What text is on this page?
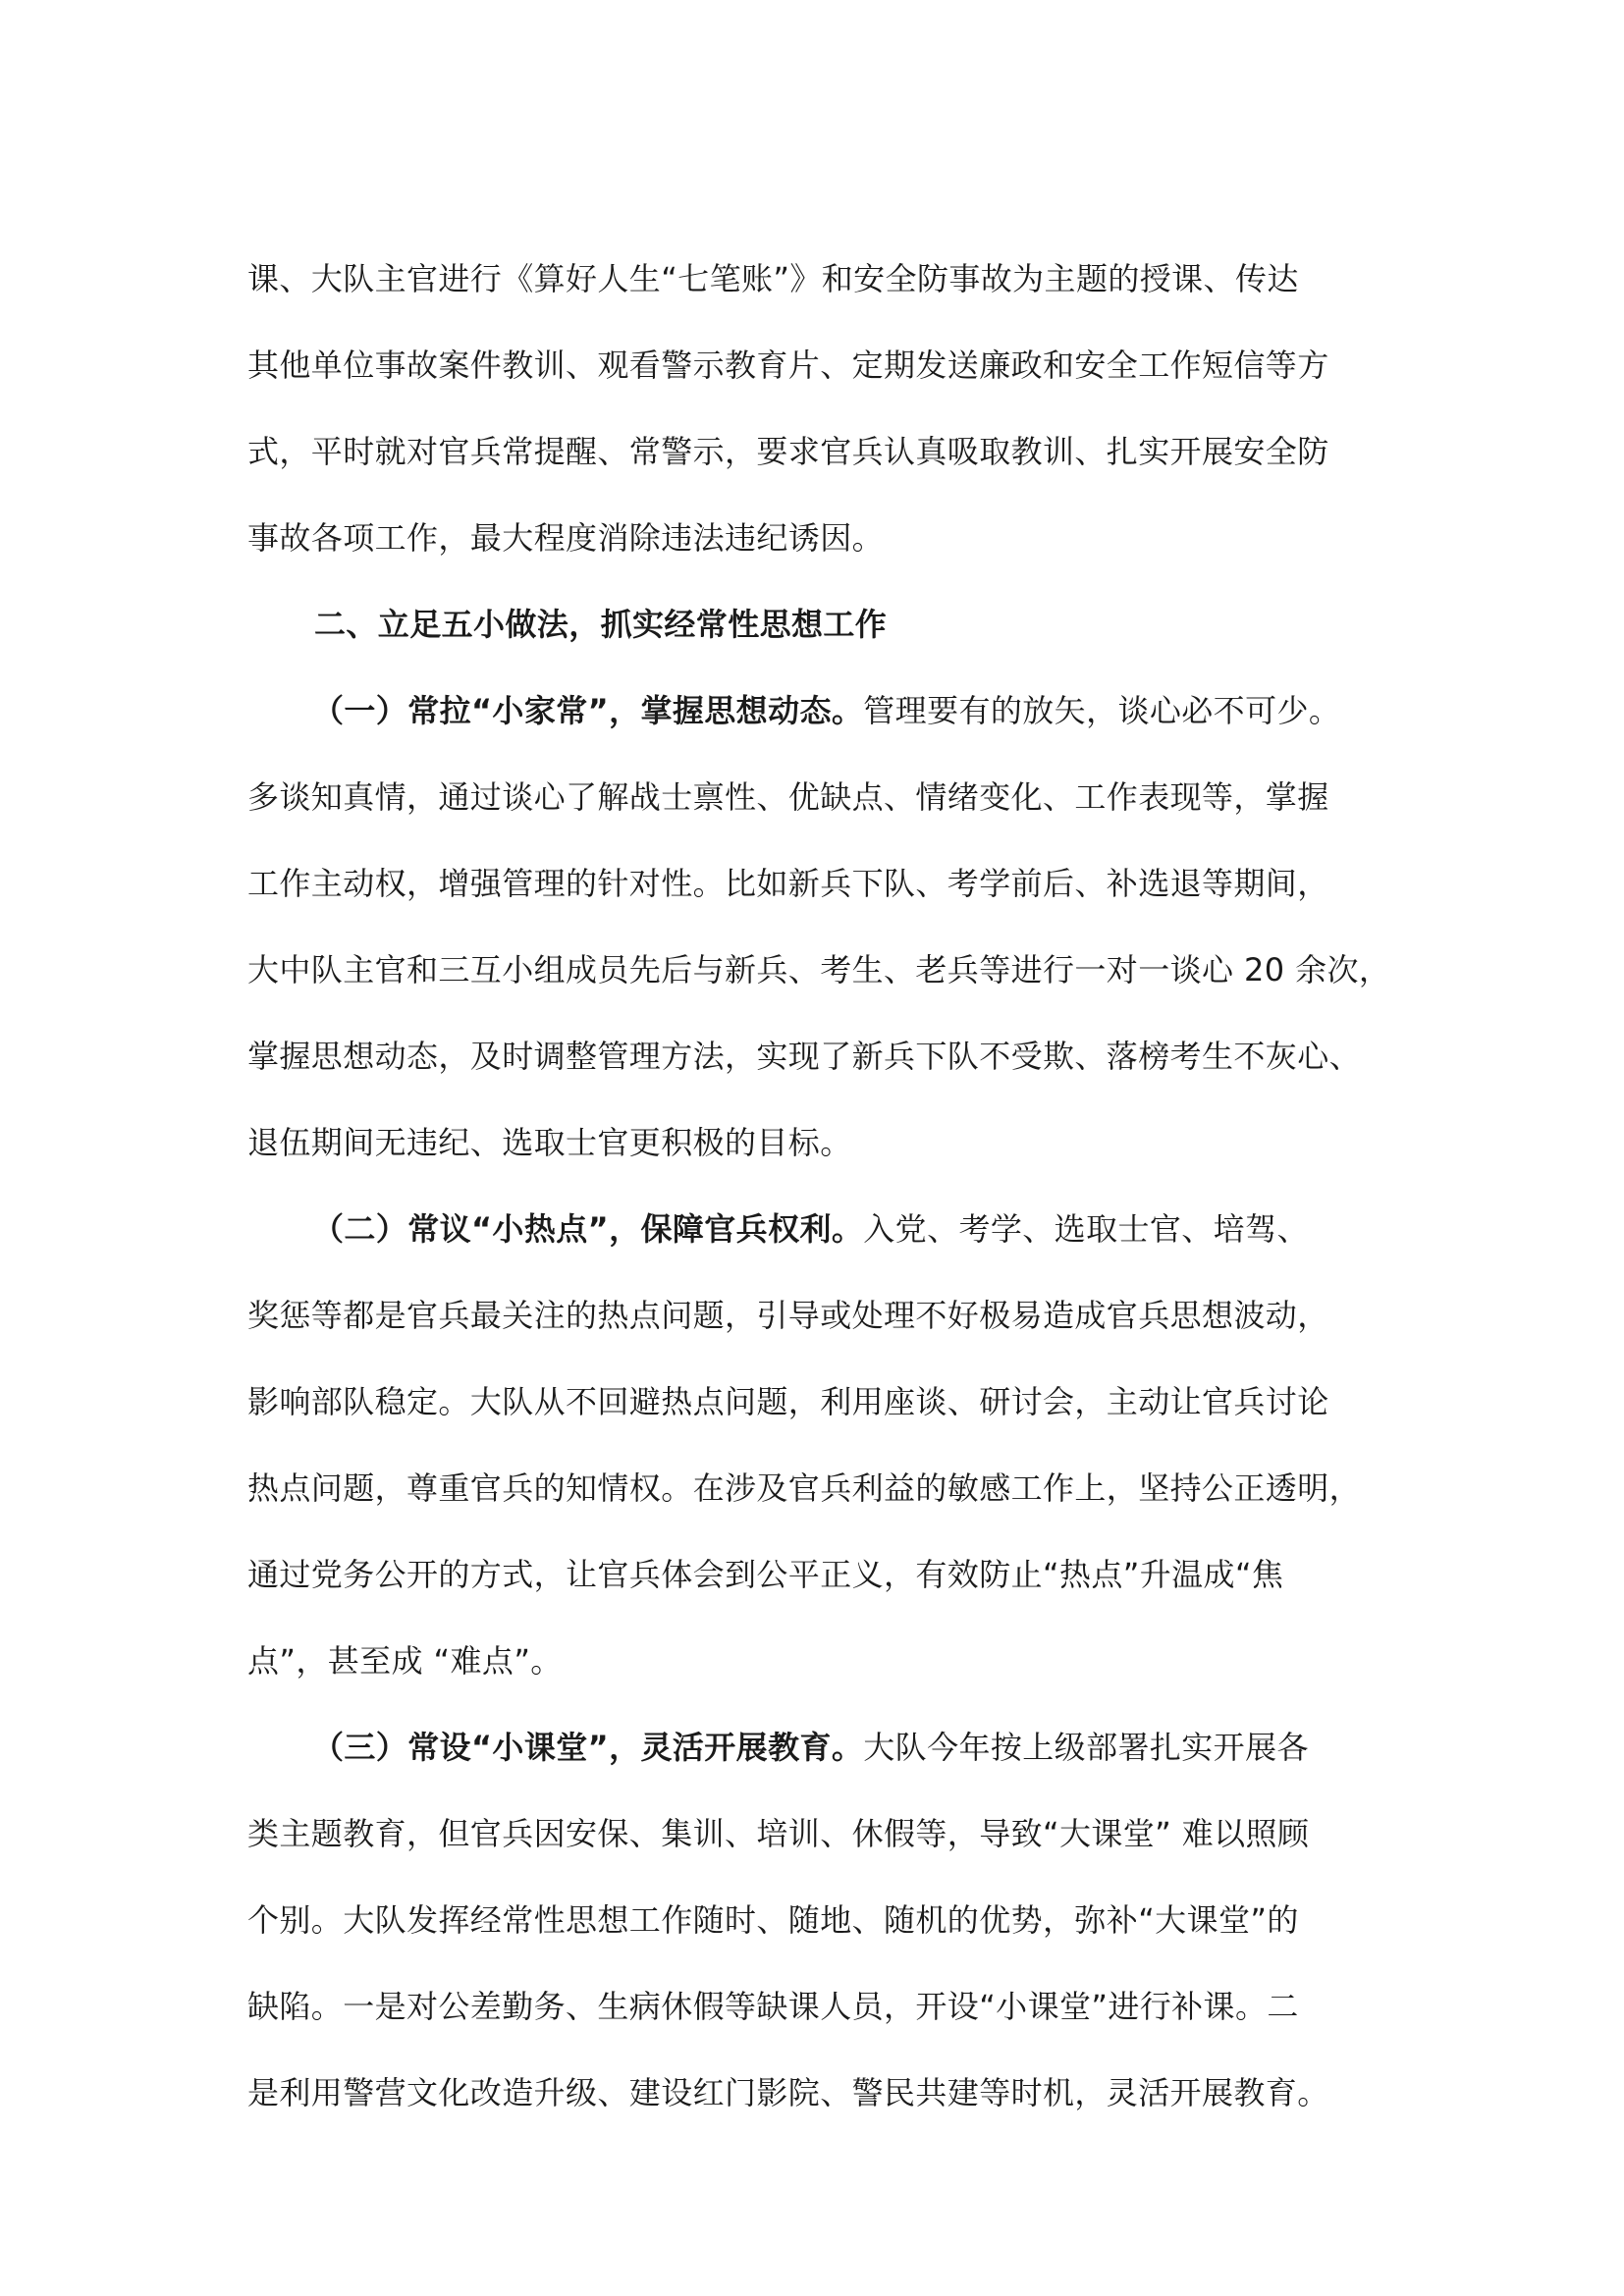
课、大队主官进行《算好人生“七笔账”》和安全防事故为主题的授课、传达
其他单位事故案件教训、观看警示教育片、定期发送廉政和安全工作短信等方
式，平时就对官兵常提醒、常警示，要求官兵认真吸取教训、扎实开展安全防
事故各项工作，最大程度消除违法违纪诱因。
二、立足五小做法，抓实经常性思想工作
（一）常拉“小家常”，掌握思想动态。管理要有的放矢，谈心必不可少。
多谈知真情，通过谈心了解战士禀性、优缺点、情绪变化、工作表现等，掌握
工作主动权，增强管理的针对性。比如新兵下队、考学前后、补选退等期间，
大中队主官和三互小组成员先后与新兵、考生、老兵等进行一对一谈心 20 余次，
掌握思想动态，及时调整管理方法，实现了新兵下队不受欺、落榜考生不灰心、
退伍期间无违纪、选取士官更积极的目标。
（二）常议“小热点”，保障官兵权利。入党、考学、选取士官、培驾、
奖惩等都是官兵最关注的热点问题，引导或处理不好极易造成官兵思想波动，
影响部队稳定。大队从不回避热点问题，利用座谈、研讨会，主动让官兵讨论
热点问题，尊重官兵的知情权。在涉及官兵利益的敏感工作上，坚持公正透明，
通过党务公开的方式，让官兵体会到公平正义，有效防止“热点”升温成“焦
点”，甚至成 “难点”。
（三）常设“小课堂”，灵活开展教育。大队今年按上级部署扎实开展各
类主题教育，但官兵因安保、集训、培训、休假等，导致“大课堂” 难以照顾
个别。大队发挥经常性思想工作随时、随地、随机的优势，弥补“大课堂”的
缺陷。一是对公差勤务、生病休假等缺课人员，开设“小课堂”进行补课。二
是利用警营文化改造升级、建设红门影院、警民共建等时机，灵活开展教育。
